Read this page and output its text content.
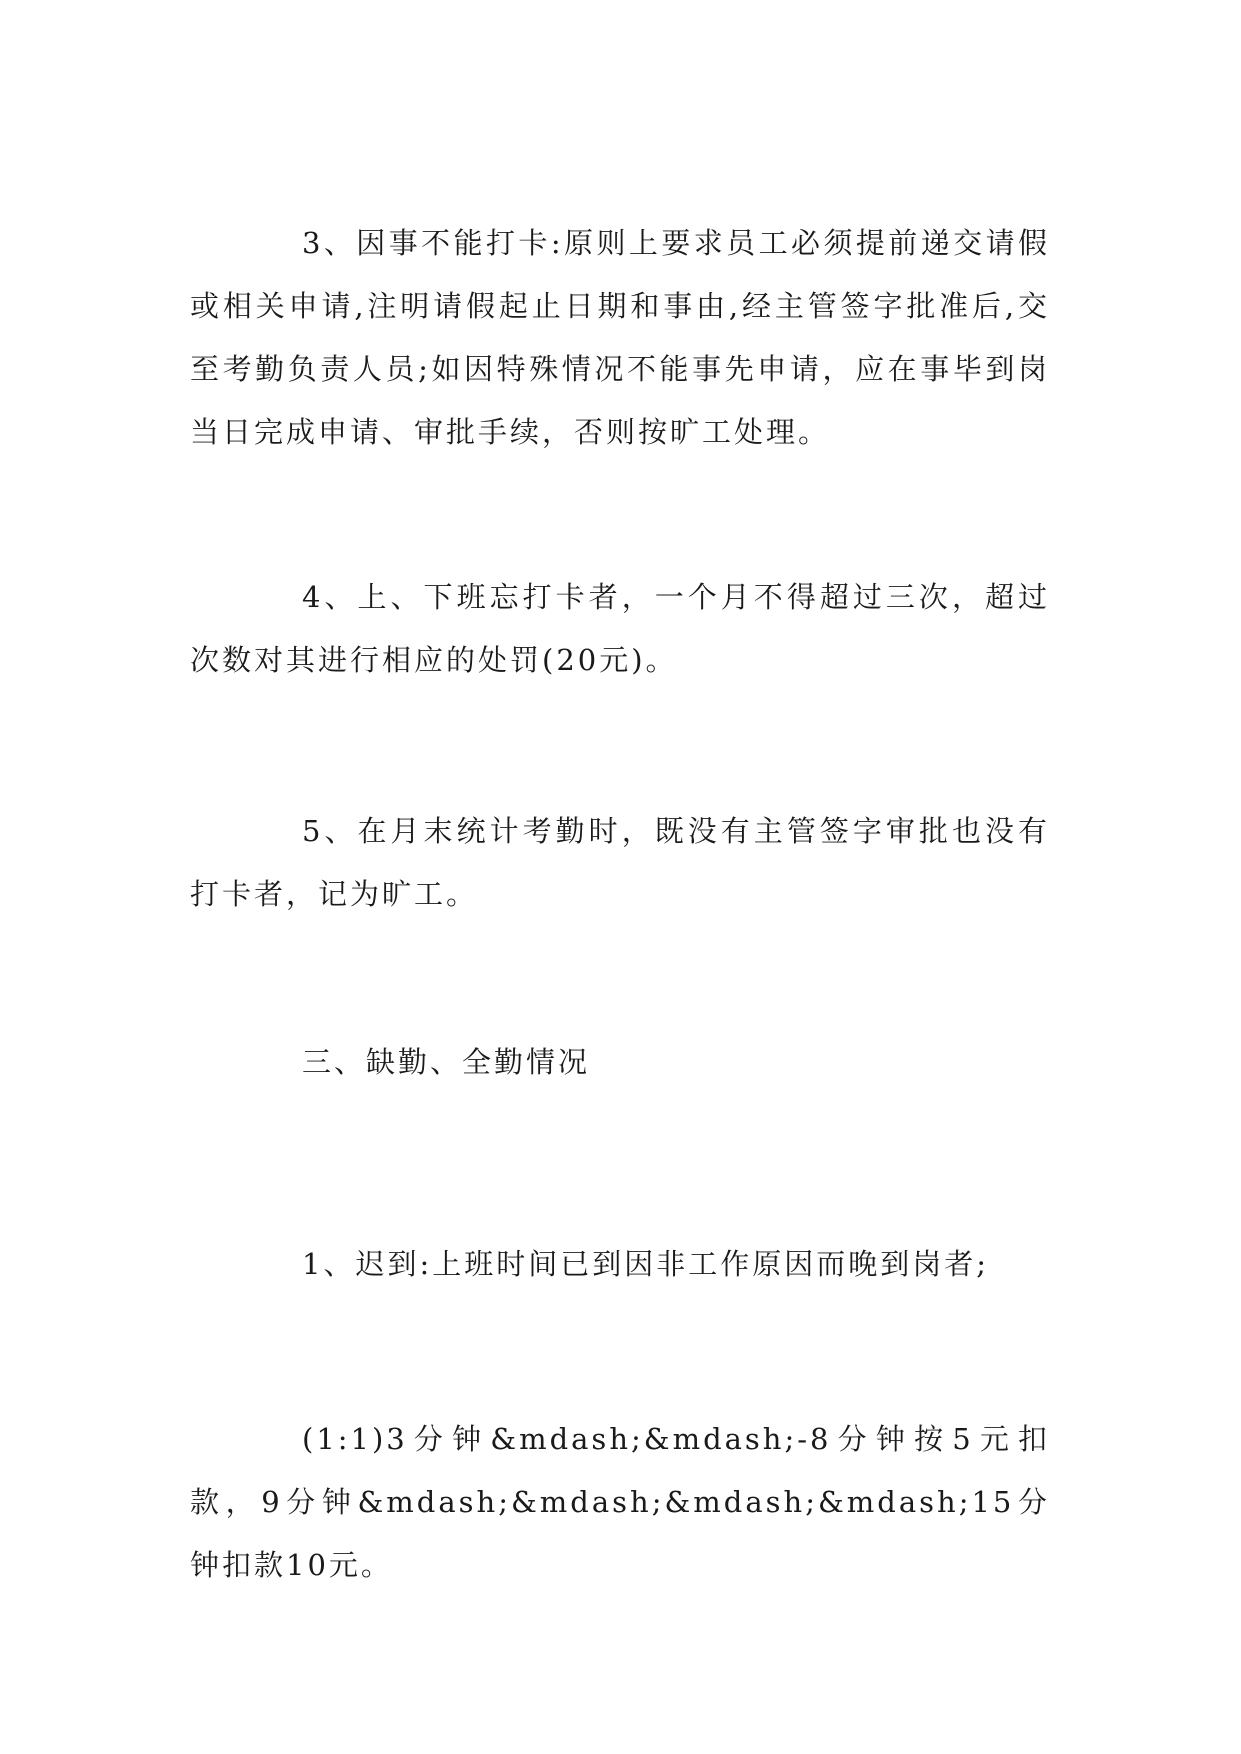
3、因事不能打卡:原则上要求员工必须提前递交请假或相关申请,注明请假起止日期和事由,经主管签字批准后,交至考勤负责人员;如因特殊情况不能事先申请，应在事毕到岗当日完成申请、审批手续，否则按旷工处理。

4、上、下班忘打卡者，一个月不得超过三次，超过次数对其进行相应的处罚(20元)。

5、在月末统计考勤时，既没有主管签字审批也没有打卡者，记为旷工。

三、缺勤、全勤情况

1、迟到:上班时间已到因非工作原因而晚到岗者;

(1:1)3分钟&mdash;&mdash;-8分钟按5元扣款，9分钟&mdash;&mdash;&mdash;&mdash;15分钟扣款10元。
